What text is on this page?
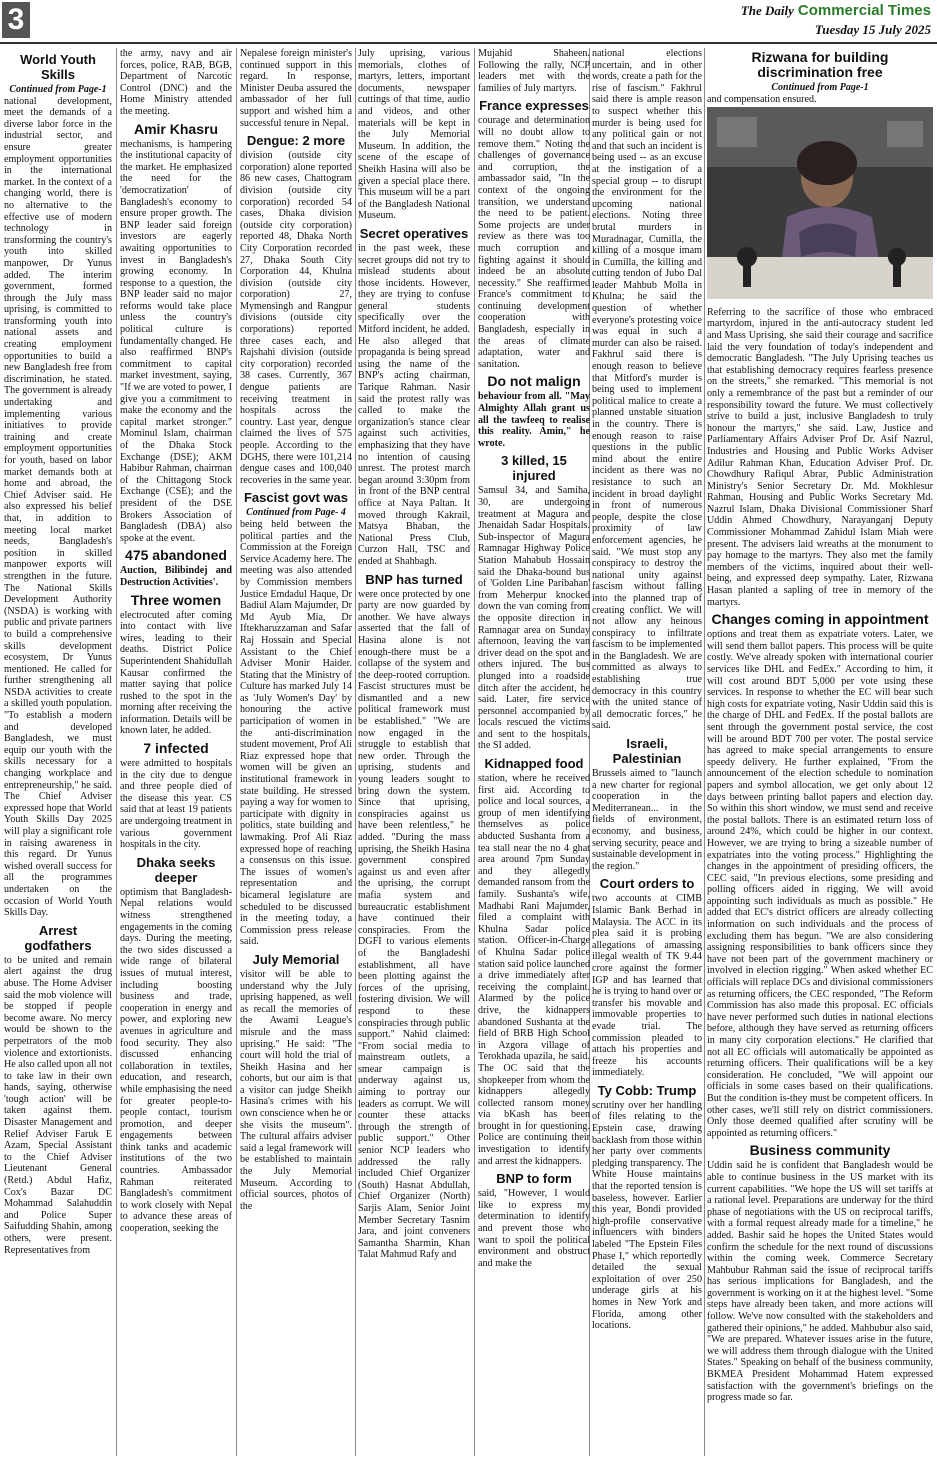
3	The Daily Commercial Times
Tuesday 15 July 2025
World Youth Skills

Continued from Page-1

national development, meet the demands of a diverse labor force in the industrial sector, and ensure greater employment opportunities in the international market. In the context of a changing world, there is no alternative to the effective use of modern technology in transforming the country's youth into skilled manpower, Dr Yunus added. The interim government, formed through the July mass uprising, is committed to transforming youth into national assets and creating employment opportunities to build a new Bangladesh free from discrimination, he stated. The government is already undertaking and implementing various initiatives to provide training and create employment opportunities for youth, based on labor market demands both at home and abroad, the Chief Adviser said. He also expressed his belief that, in addition to meeting local market needs, Bangladesh's position in skilled manpower exports will strengthen in the future. The National Skills Development Authority (NSDA) is working with public and private partners to build a comprehensive skills development ecosystem, Dr Yunus mentioned. He called for further strengthening all NSDA activities to create a skilled youth population. "To establish a modern and developed Bangladesh, we must equip our youth with the skills necessary for a changing workplace and entrepreneurship," he said. The Chief Adviser expressed hope that World Youth Skills Day 2025 will play a significant role in raising awareness in this regard. Dr Yunus wished overall success for all the programmes undertaken on the occasion of World Youth Skills Day.

Arrest godfathers

to be united and remain alert against the drug abuse. The Home Adviser said the mob violence will be stopped if people become aware. No mercy would be shown to the perpetrators of the mob violence and extortionists. He also called upon all not to take law in their own hands, saying, otherwise 'tough action' will be taken against them. Disaster Management and Relief Adviser Faruk E Azam, Special Assistant to the Chief Adviser Lieutenant General (Retd.) Abdul Hafiz, Cox's Bazar DC Mohammad Salahuddin and Police Super Saifudding Shahin, among others, were present. Representatives from

the army, navy and air forces, police, RAB, BGB, Department of Narcotic Control (DNC) and the Home Ministry attended the meeting.

Amir Khasru

mechanisms, is hampering the institutional capacity of the market. He emphasized the need for the 'democratization' of Bangladesh's economy to ensure proper growth. The BNP leader said foreign investors are eagerly awaiting opportunities to invest in Bangladesh's growing economy. In response to a question, the BNP leader said no major reforms would take place unless the country's political culture is fundamentally changed. He also reaffirmed BNP's commitment to capital market investment, saying, "If we are voted to power, I give you a commitment to make the economy and the capital market stronger." Mominul Islam, chairman of the Dhaka Stock Exchange (DSE); AKM Habibur Rahman, chairman of the Chittagong Stock Exchange (CSE); and the president of the DSE Brokers Association of Bangladesh (DBA) also spoke at the event.

475 abandoned

Auction, Bilibindej and Destruction Activities'.

Three women

electrocuted after coming into contact with live wires, leading to their deaths. District Police Superintendent Shahidullah Kausar confirmed the matter saying that police rushed to the spot in the morning after receiving the information. Details will be known later, he added.

7 infected

were admitted to hospitals in the city due to dengue and three people died of the disease this year. CS said that at least 19 patients are undergoing treatment in various government hospitals in the city.

Dhaka seeks deeper

optimism that Bangladesh-Nepal relations would witness strengthened engagements in the coming days. During the meeting, the two sides discussed a wide range of bilateral issues of mutual interest, including boosting business and trade, cooperation in energy and power, and exploring new avenues in agriculture and food security. They also discussed enhancing collaboration in textiles, education, and research, while emphasising the need for greater people-to-people contact, tourism promotion, and deeper engagements between think tanks and academic institutions of the two countries. Ambassador Rahman reiterated Bangladesh's commitment to work closely with Nepal to advance these areas of cooperation, seeking the

Nepalese foreign minister's continued support in this regard. In response, Minister Deuba assured the ambassador of her full support and wished him a successful tenure in Nepal.

Dengue: 2 more

division (outside city corporation) alone reported 86 new cases, Chattogram division (outside city corporation) recorded 54 cases, Dhaka division (outside city corporation) reported 48, Dhaka North City Corporation recorded 27, Dhaka South City Corporation 44, Khulna division (outside city corporation) 27, Mymensingh and Rangpur divisions (outside city corporations) reported three cases each, and Rajshahi division (outside city corporation) recorded 38 cases. Currently, 367 dengue patients are receiving treatment in hospitals across the country. Last year, dengue claimed the lives of 575 people. According to the DGHS, there were 101,214 dengue cases and 100,040 recoveries in the same year.

Fascist govt was

Continued from Page- 4

being held between the political parties and the Commission at the Foreign Service Academy here. The meeting was also attended by Commission members Justice Emdadul Haque, Dr Badiul Alam Majumder, Dr Md Ayub Mia, Dr Iftekharuzzaman and Safar Raj Hossain and Special Assistant to the Chief Adviser Monir Haider. Stating that the Ministry of Culture has marked July 14 as 'July Women's Day' by honouring the active participation of women in the anti-discrimination student movement, Prof Ali Riaz expressed hope that women will be given an institutional framework in state building. He stressed paying a way for women to participate with dignity in politics, state building and lawmaking. Prof Ali Riaz expressed hope of reaching a consensus on this issue. The issues of women's representation and bicameral legislature are scheduled to be discussed in the meeting today, a Commission press release said.

July Memorial

visitor will be able to understand why the July uprising happened, as well as recall the memories of the Awami League's misrule and the mass uprising." He said: "The court will hold the trial of Sheikh Hasina and her cohorts, but our aim is that a visitor can judge Sheikh Hasina's crimes with his own conscience when he or she visits the museum". The cultural affairs adviser said a legal framework will be established to maintain the July Memorial Museum. According to official sources, photos of the

July uprising, various memorials, clothes of martyrs, letters, important documents, newspaper cuttings of that time, audio and videos, and other materials will be kept in the July Memorial Museum. In addition, the scene of the escape of Sheikh Hasina will also be given a special place there. This museum will be a part of the Bangladesh National Museum.

Secret operatives

in the past week, these secret groups did not try to mislead students about those incidents. However, they are trying to confuse general students specifically over the Mitford incident, he added. He also alleged that propaganda is being spread using the name of the BNP's acting chairman, Tarique Rahman. Nasir said the protest rally was called to make the organization's stance clear against such activities, emphasizing that they have no intention of causing unrest. The protest march began around 3:30pm from in front of the BNP central office at Naya Paltan. It moved through Kakrail, Matsya Bhaban, the National Press Club, Curzon Hall, TSC and ended at Shahbagh.

BNP has turned

were once protected by one party are now guarded by another. We have always asserted that the fall of Hasina alone is not enough-there must be a collapse of the system and the deep-rooted corruption. Fascist structures must be dismantled and a new political framework must be established." "We are now engaged in the struggle to establish that new order. Through the uprising, students and young leaders sought to bring down the system. Since that uprising, conspiracies against us have been relentless," he added. "During the mass uprising, the Sheikh Hasina government conspired against us and even after the uprising, the corrupt mafia system and bureaucratic establishment have continued their conspiracies. From the DGFI to various elements of the Bangladeshi establishment, all have been plotting against the forces of the uprising, fostering division. We will respond to these conspiracies through public support." Nahid claimed: "From social media to mainstream outlets, a smear campaign is underway against us, aiming to portray our leaders as corrupt. We will counter these attacks through the strength of public support." Other senior NCP leaders who addressed the rally included Chief Organizer (South) Hasnat Abdullah, Chief Organizer (North) Sarjis Alam, Senior Joint Member Secretary Tasnim Jara, and joint conveners Samantha Sharmin, Khan Talat Mahmud Rafy and

Mujahid Shaheen. Following the rally, NCP leaders met with the families of July martyrs.

France expresses

courage and determination will no doubt allow to remove them." Noting the challenges of governance and corruption, the ambassador said, "In the context of the ongoing transition, we understand the need to be patient. Some projects are under review as there was too much corruption and fighting against it should indeed be an absolute necessity." She reaffirmed France's commitment to continuing development cooperation with Bangladesh, especially in the areas of climate adaptation, water and sanitation.

Do not malign

behaviour from all. "May Almighty Allah grant us all the tawfeeq to realise this reality. Amin," he wrote.

3 killed, 15 injured

Samsul 34, and Samiha, 30, are undergoing treatment at Magura and Jhenaidah Sadar Hospitals. Sub-inspector of Magura Ramnagar Highway Police Station Mahabub Hossain said the Dhaka-bound bus of 'Golden Line Paribahan' from Meherpur knocked down the van coming from the opposite direction in Ramnagar area on Sunday afternoon, leaving the van driver dead on the spot and others injured. The bus plunged into a roadside ditch after the accident, he said. Later, fire service personnel accompanied by locals rescued the victims and sent to the hospitals, the SI added.

Kidnapped food

station, where he received first aid. According to police and local sources, a group of men identifying themselves as police abducted Sushanta from a tea stall near the no 4 ghat area around 7pm Sunday and they allegedly demanded ransom from the family. Sushanta's wife, Madhabi Rani Majumder, filed a complaint with Khulna Sadar police station. Officer-in-Charge of Khulna Sadar police station said police launched a drive immediately after receiving the complaint. Alarmed by the police drive, the kidnappers abandoned Sushanta at the field of BRB High School in Azgora village of Terokhada upazila, he said. The OC said that the shopkeeper from whom the kidnappers allegedly collected ransom money via bKash has been brought in for questioning. Police are continuing their investigation to identify and arrest the kidnappers.

BNP to form

said, "However, I would like to express my determination to identify and prevent those who want to spoil the political environment and obstruct and make the

national elections uncertain, and in other words, create a path for the rise of fascism." Fakhrul said there is ample reason to suspect whether this murder is being used for any political gain or not and that such an incident is being used -- as an excuse at the instigation of a special group -- to disrupt the environment for the upcoming national elections. Noting three brutal murders in Muradnagar, Cumilla, the killing of a mosque imam in Cumilla, the killing and cutting tendon of Jubo Dal leader Mahbub Molla in Khulna; he said the question of whether everyone's protesting voice was equal in such a murder can also be raised. Fakhrul said there is enough reason to believe that Mitford's murder is being used to implement political malice to create a planned unstable situation in the country. There is enough reason to raise questions in the public mind about the entire incident as there was no resistance to such an incident in broad daylight in front of numerous people, despite the close proximity of law enforcement agencies, he said. "We must stop any conspiracy to destroy the national unity against fascism without falling into the planned trap of creating conflict. We will not allow any heinous conspiracy to infiltrate fascism to be implemented in the Bangladesh. We are committed as always to establishing true democracy in this country with the united stance of all democratic forces," he said.

Israeli, Palestinian

Brussels aimed to "launch a new charter for regional cooperation in the Mediterranean... in the fields of environment, economy, and business, serving security, peace and sustainable development in the region."

Court orders to

two accounts at CIMB Islamic Bank Berhad in Malaysia. The ACC in its plea said it is probing allegations of amassing illegal wealth of TK 9.44 crore against the former IGP and has learned that he is trying to hand over or transfer his movable and immovable properties to evade trial. The commission pleaded to attach his properties and freeze his accounts immediately.

Ty Cobb: Trump

scrutiny over her handling of files relating to the Epstein case, drawing backlash from those within her party over comments pledging transparency. The White House maintains that the reported tension is baseless, however. Earlier this year, Bondi provided high-profile conservative influencers with binders labeled "The Epstein Files Phase I," which reportedly detailed the sexual exploitation of over 250 underage girls at his homes in New York and Florida, among other locations.

Rizwana for building discrimination free

Continued from Page-1

and compensation ensured.

Referring to the sacrifice of those who embraced martyrdom, injured in the anti-autocracy student led and Mass Uprising, she said their courage and sacrifice laid the very foundation of today's independent and democratic Bangladesh. "The July Uprising teaches us that establishing democracy requires fearless presence on the streets," she remarked. "This memorial is not only a remembrance of the past but a reminder of our responsibility toward the future. We must collectively strive to build a just, inclusive Bangladesh to truly honour the martyrs," she said. Law, Justice and Parliamentary Affairs Adviser Prof Dr. Asif Nazrul, Industries and Housing and Public Works Adviser Adilur Rahman Khan, Education Adviser Prof. Dr. Chowdhury Rafiqul Abrar, Public Administration Ministry's Senior Secretary Dr. Md. Mokhlesur Rahman, Housing and Public Works Secretary Md. Nazrul Islam, Dhaka Divisional Commissioner Sharf Uddin Ahmed Chowdhury, Narayanganj Deputy Commissioner Mohammad Zahidul Islam Miah were present. The advisers laid wreaths at the monument to pay homage to the martyrs. They also met the family members of the victims, inquired about their well-being, and expressed deep sympathy. Later, Rizwana Hasan planted a sapling of tree in memory of the martyrs.

Changes coming in appointment

options and treat them as expatriate voters. Later, we will send them ballot papers. This process will be quite costly. We've already spoken with international courier services like DHL and FedEx." According to him, it will cost around BDT 5,000 per vote using these services. In response to whether the EC will bear such high costs for expatriate voting, Nasir Uddin said this is the charge of DHL and FedEx. If the postal ballots are sent through the government postal service, the cost will be around BDT 700 per voter. The postal service has agreed to make special arrangements to ensure speedy delivery. He further explained, "From the announcement of the election schedule to nomination papers and symbol allocation, we get only about 12 days between printing ballot papers and election day. So within this short window, we must send and receive the postal ballots. There is an estimated return loss of around 24%, which could be higher in our context. However, we are trying to bring a sizeable number of expatriates into the voting process." Highlighting the changes in the appointment of presiding officers, the CEC said, "In previous elections, some presiding and polling officers aided in rigging. We will avoid appointing such individuals as much as possible." He added that EC's district officers are already collecting information on such individuals and the process of excluding them has begun. "We are also considering assigning responsibilities to bank officers since they have not been part of the government machinery or involved in election rigging." When asked whether EC officials will replace DCs and divisional commissioners as returning officers, the CEC responded, "The Reform Commission has also made this proposal. EC officials have never performed such duties in national elections before, although they have served as returning officers in many city corporation elections." He clarified that not all EC officials will automatically be appointed as returning officers. Their qualifications will be a key consideration. He concluded, "We will appoint our officials in some cases based on their qualifications. But the condition is-they must be competent officers. In other cases, we'll still rely on district commissioners. Only those deemed qualified after scrutiny will be appointed as returning officers."

Business community

Uddin said he is confident that Bangladesh would be able to continue business in the US market with its current capabilities. "We hope the US will set tariffs at a rational level. Preparations are underway for the third phase of negotiations with the US on reciprocal tariffs, with a formal request already made for a timeline," he added. Bashir said he hopes the United States would confirm the schedule for the next round of discussions within the coming week. Commerce Secretary Mahbubur Rahman said the issue of reciprocal tariffs has serious implications for Bangladesh, and the government is working on it at the highest level. "Some steps have already been taken, and more actions will follow. We've now consulted with the stakeholders and gathered their opinions," he added. Mahbubur also said, "We are prepared. Whatever issues arise in the future, we will address them through dialogue with the United States." Speaking on behalf of the business community, BKMEA President Mohammad Hatem expressed satisfaction with the government's briefings on the progress made so far.
